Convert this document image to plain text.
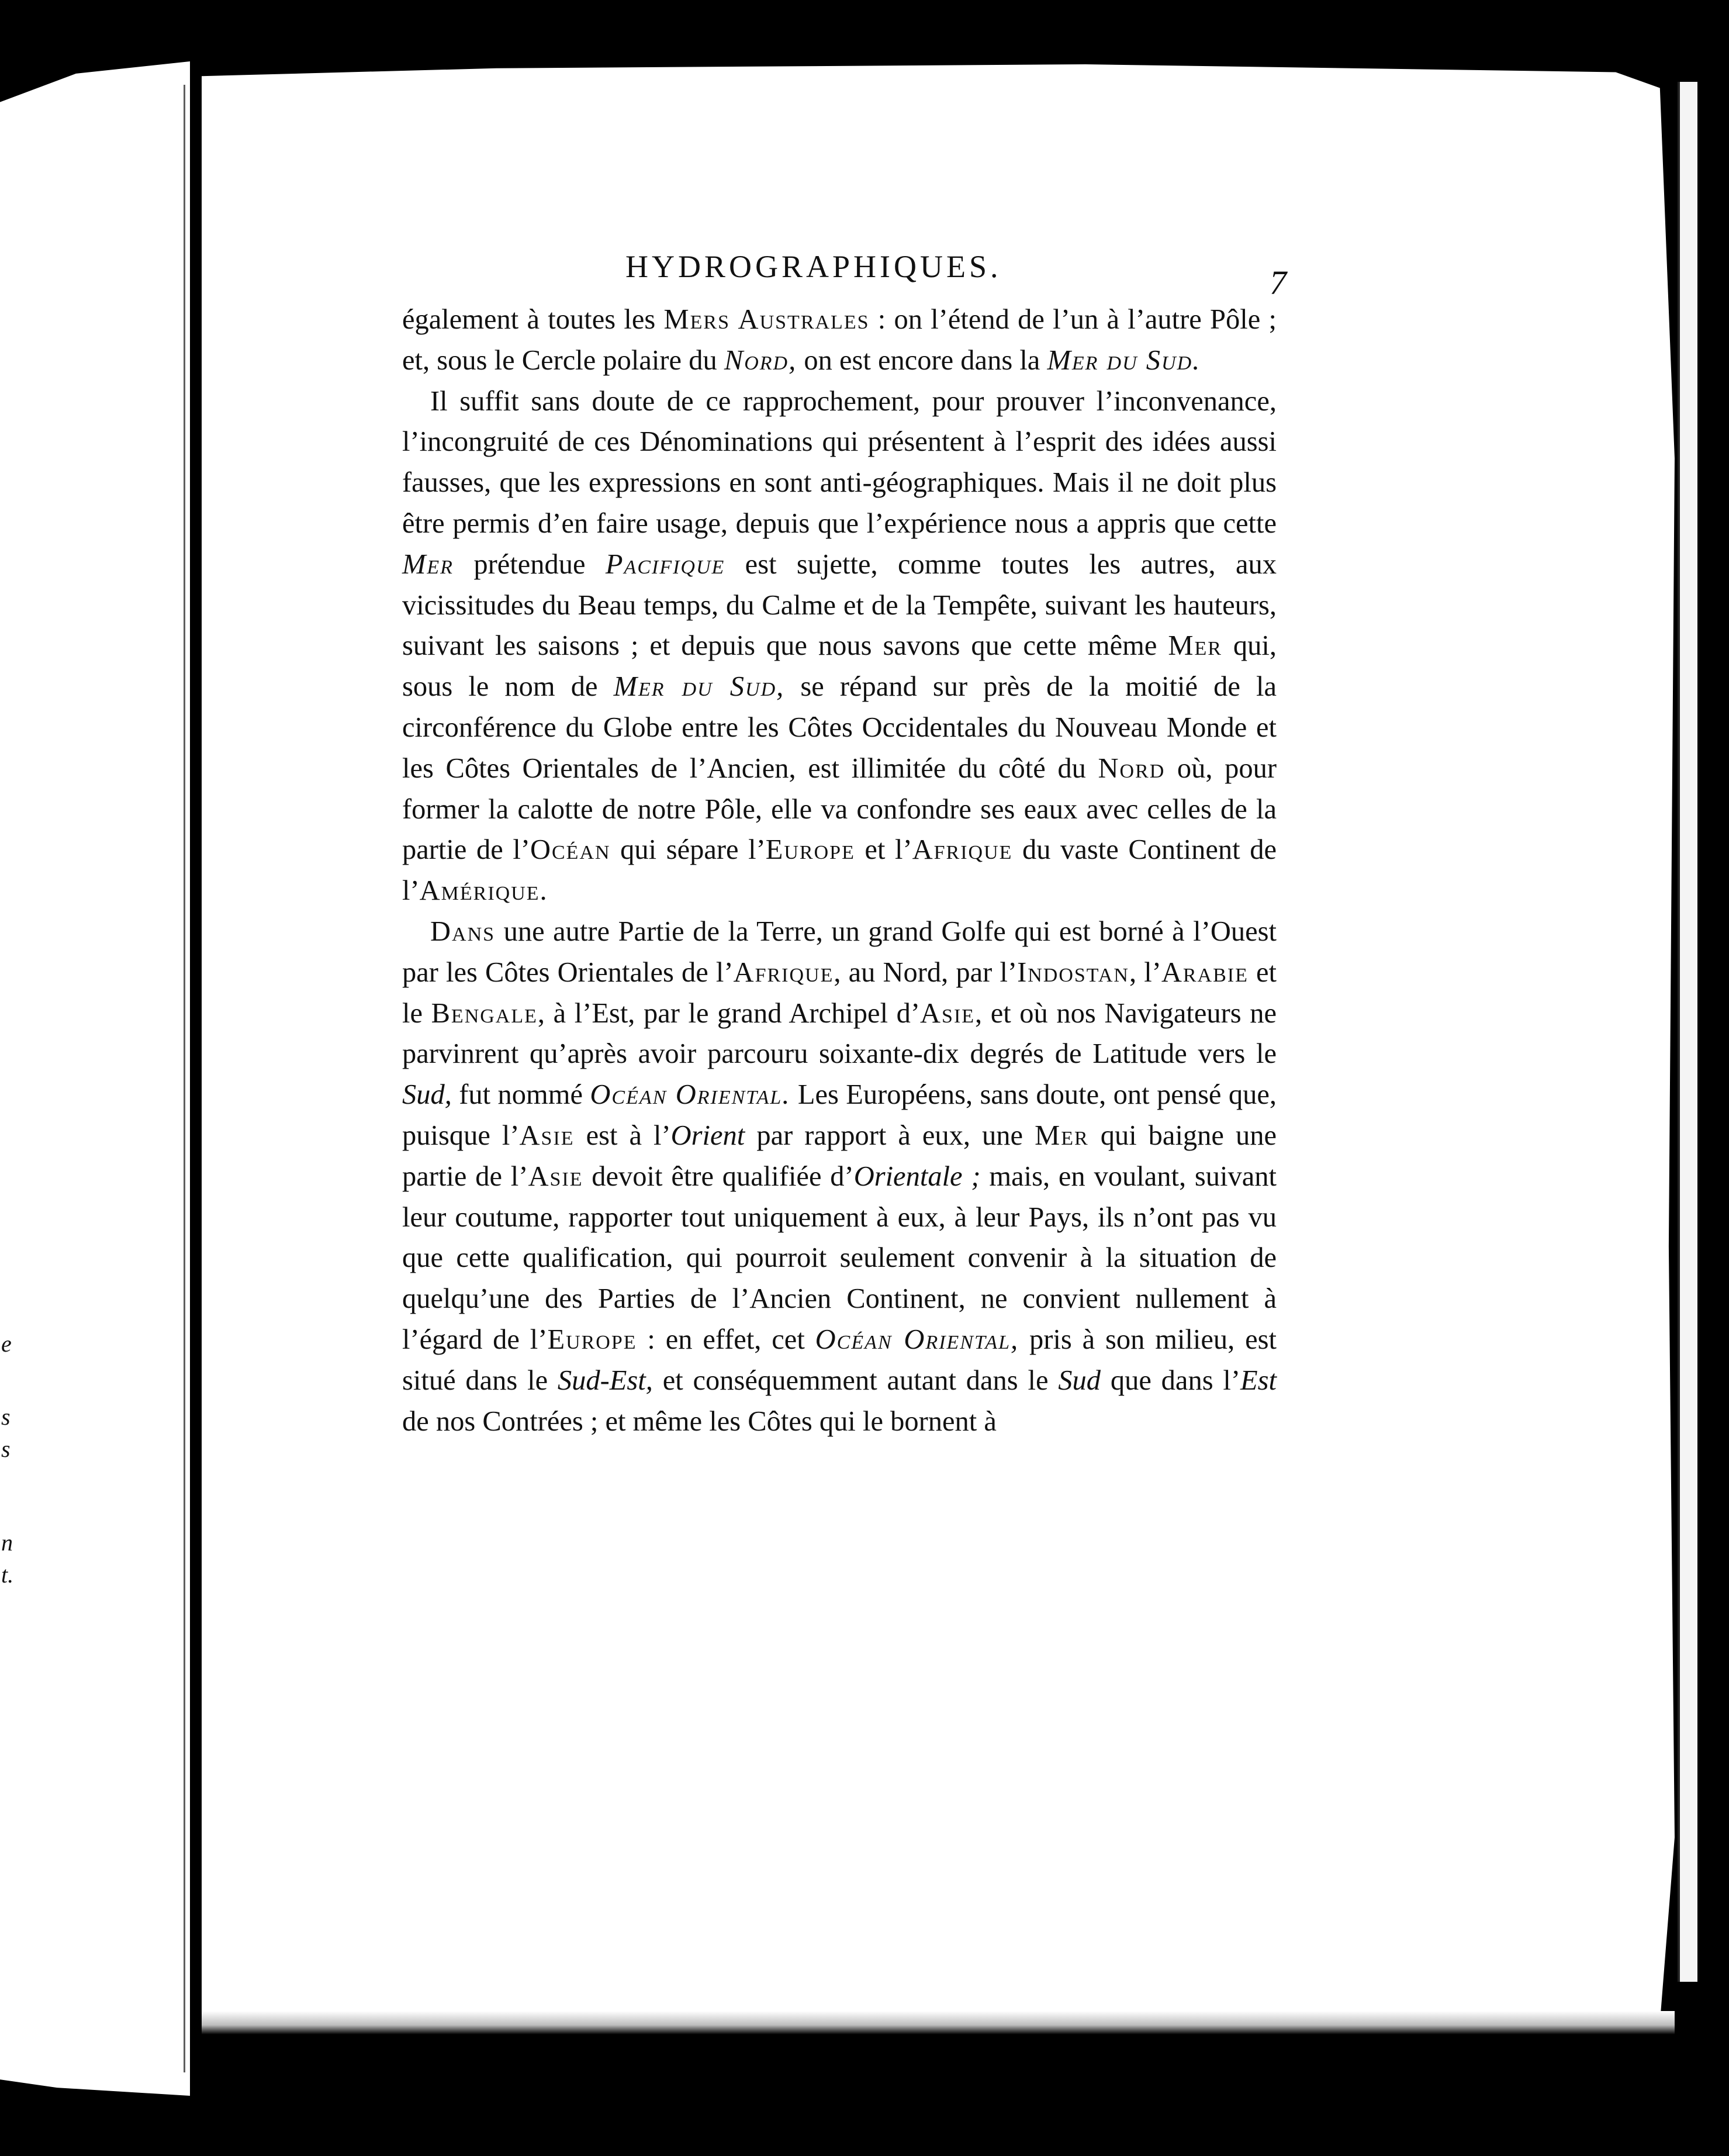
e
s
s
n
t.
HYDROGRAPHIQUES.	7

également à toutes les Mers Australes : on l’étend de l’un à l’autre Pôle ; et, sous le Cercle polaire du Nord, on est encore dans la Mer du Sud.

Il suffit sans doute de ce rapprochement, pour prouver l’inconvenance, l’incongruité de ces Dénominations qui présentent à l’esprit des idées aussi fausses, que les expressions en sont anti-géographiques. Mais il ne doit plus être permis d’en faire usage, depuis que l’expérience nous a appris que cette Mer prétendue Pacifique est sujette, comme toutes les autres, aux vicissitudes du Beau temps, du Calme et de la Tempête, suivant les hauteurs, suivant les saisons ; et depuis que nous savons que cette même Mer qui, sous le nom de Mer du Sud, se répand sur près de la moitié de la circonférence du Globe entre les Côtes Occidentales du Nouveau Monde et les Côtes Orientales de l’Ancien, est illimitée du côté du Nord où, pour former la calotte de notre Pôle, elle va confondre ses eaux avec celles de la partie de l’Océan qui sépare l’Europe et l’Afrique du vaste Continent de l’Amérique.

Dans une autre Partie de la Terre, un grand Golfe qui est borné à l’Ouest par les Côtes Orientales de l’Afrique, au Nord, par l’Indostan, l’Arabie et le Bengale, à l’Est, par le grand Archipel d’Asie, et où nos Navigateurs ne parvinrent qu’après avoir parcouru soixante-dix degrés de Latitude vers le Sud, fut nommé Océan Oriental. Les Européens, sans doute, ont pensé que, puisque l’Asie est à l’Orient par rapport à eux, une Mer qui baigne une partie de l’Asie devoit être qualifiée d’Orientale ; mais, en voulant, suivant leur coutume, rapporter tout uniquement à eux, à leur Pays, ils n’ont pas vu que cette qualification, qui pourroit seulement convenir à la situation de quelqu’une des Parties de l’Ancien Continent, ne convient nullement à l’égard de l’Europe : en effet, cet Océan Oriental, pris à son milieu, est situé dans le Sud-Est, et conséquemment autant dans le Sud que dans l’Est de nos Contrées ; et même les Côtes qui le bornent à
